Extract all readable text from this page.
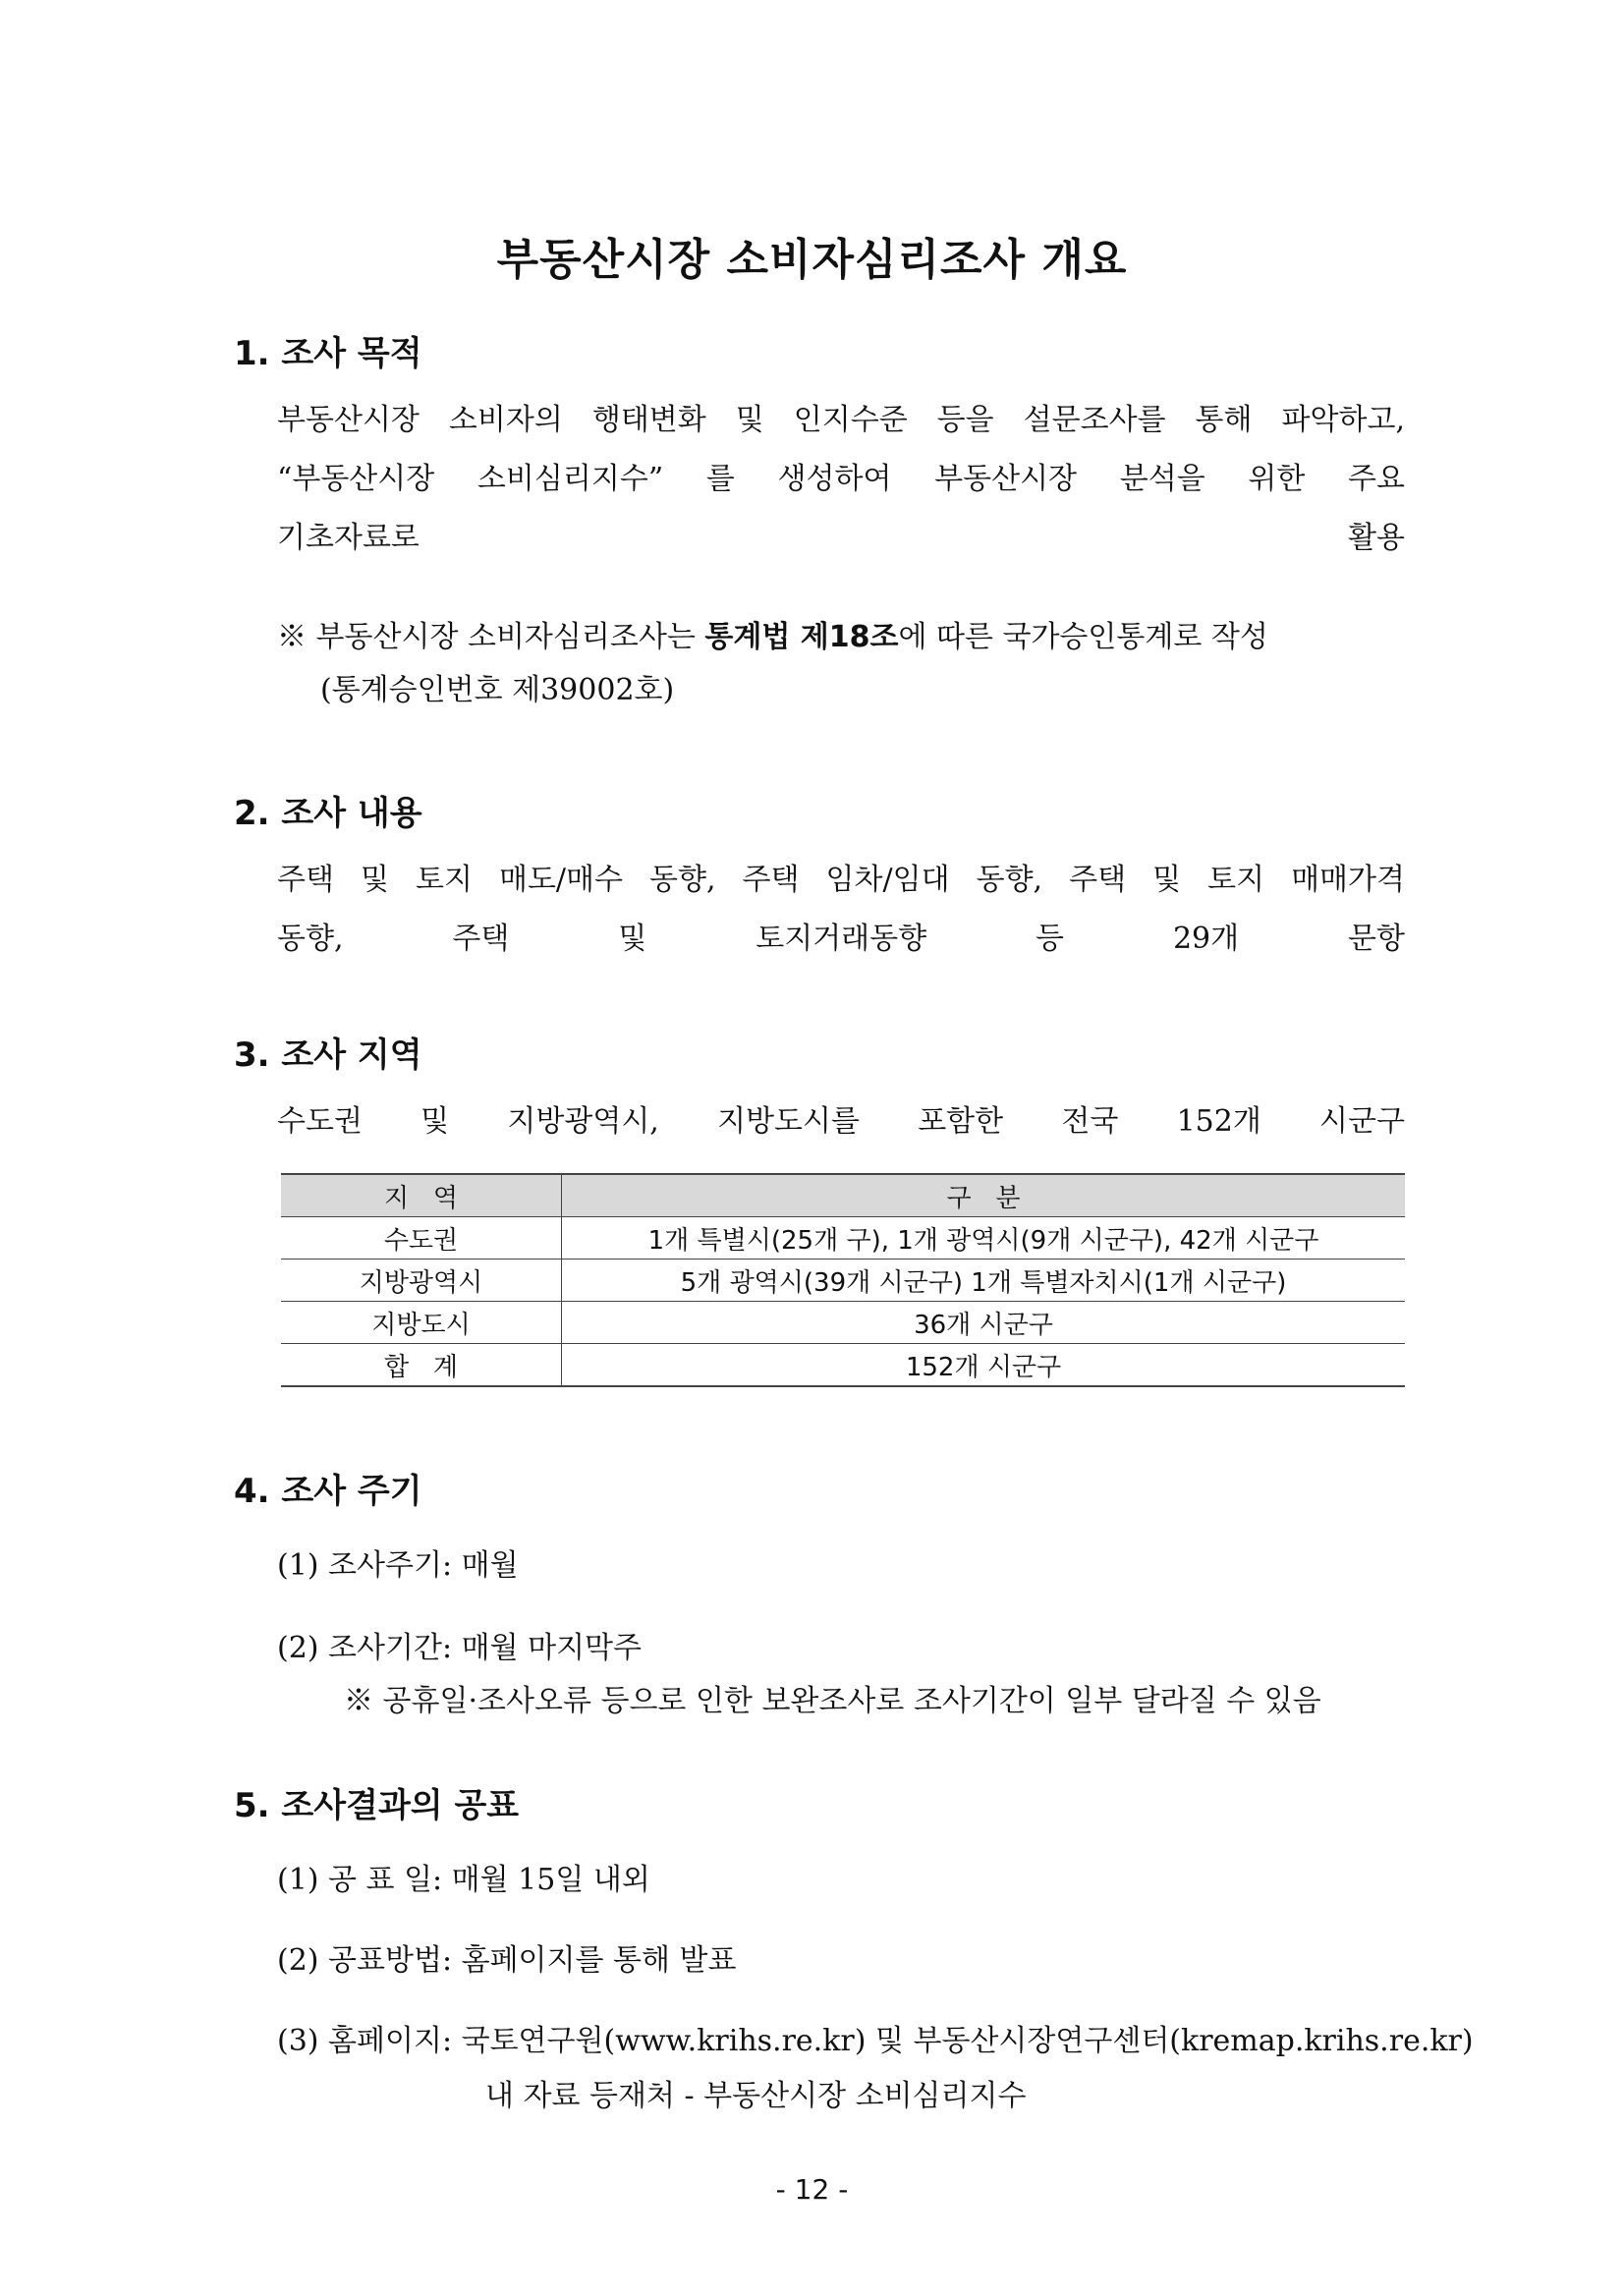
부동산시장 소비자심리조사 개요
1. 조사 목적
부동산시장 소비자의 행태변화 및 인지수준 등을 설문조사를 통해 파악하고,
“부동산시장 소비심리지수” 를 생성하여 부동산시장 분석을 위한 주요
기초자료로 활용
※ 부동산시장 소비자심리조사는 통계법 제18조에 따른 국가승인통계로 작성
(통계승인번호 제39002호)
2. 조사 내용
주택 및 토지 매도/매수 동향, 주택 임차/임대 동향, 주택 및 토지 매매가격
동향, 주택 및 토지거래동향 등 29개 문항
3. 조사 지역
수도권 및 지방광역시, 지방도시를 포함한 전국 152개 시군구
지   역	구   분
수도권	1개 특별시(25개 구), 1개 광역시(9개 시군구), 42개 시군구
지방광역시	5개 광역시(39개 시군구) 1개 특별자치시(1개 시군구)
지방도시	36개 시군구
합   계	152개 시군구
4. 조사 주기
(1) 조사주기: 매월
(2) 조사기간: 매월 마지막주
※ 공휴일·조사오류 등으로 인한 보완조사로 조사기간이 일부 달라질 수 있음
5. 조사결과의 공표
(1) 공 표 일: 매월 15일 내외
(2) 공표방법: 홈페이지를 통해 발표
(3) 홈페이지: 국토연구원(www.krihs.re.kr) 및 부동산시장연구센터(kremap.krihs.re.kr)
내 자료 등재처 - 부동산시장 소비심리지수
- 12 -
